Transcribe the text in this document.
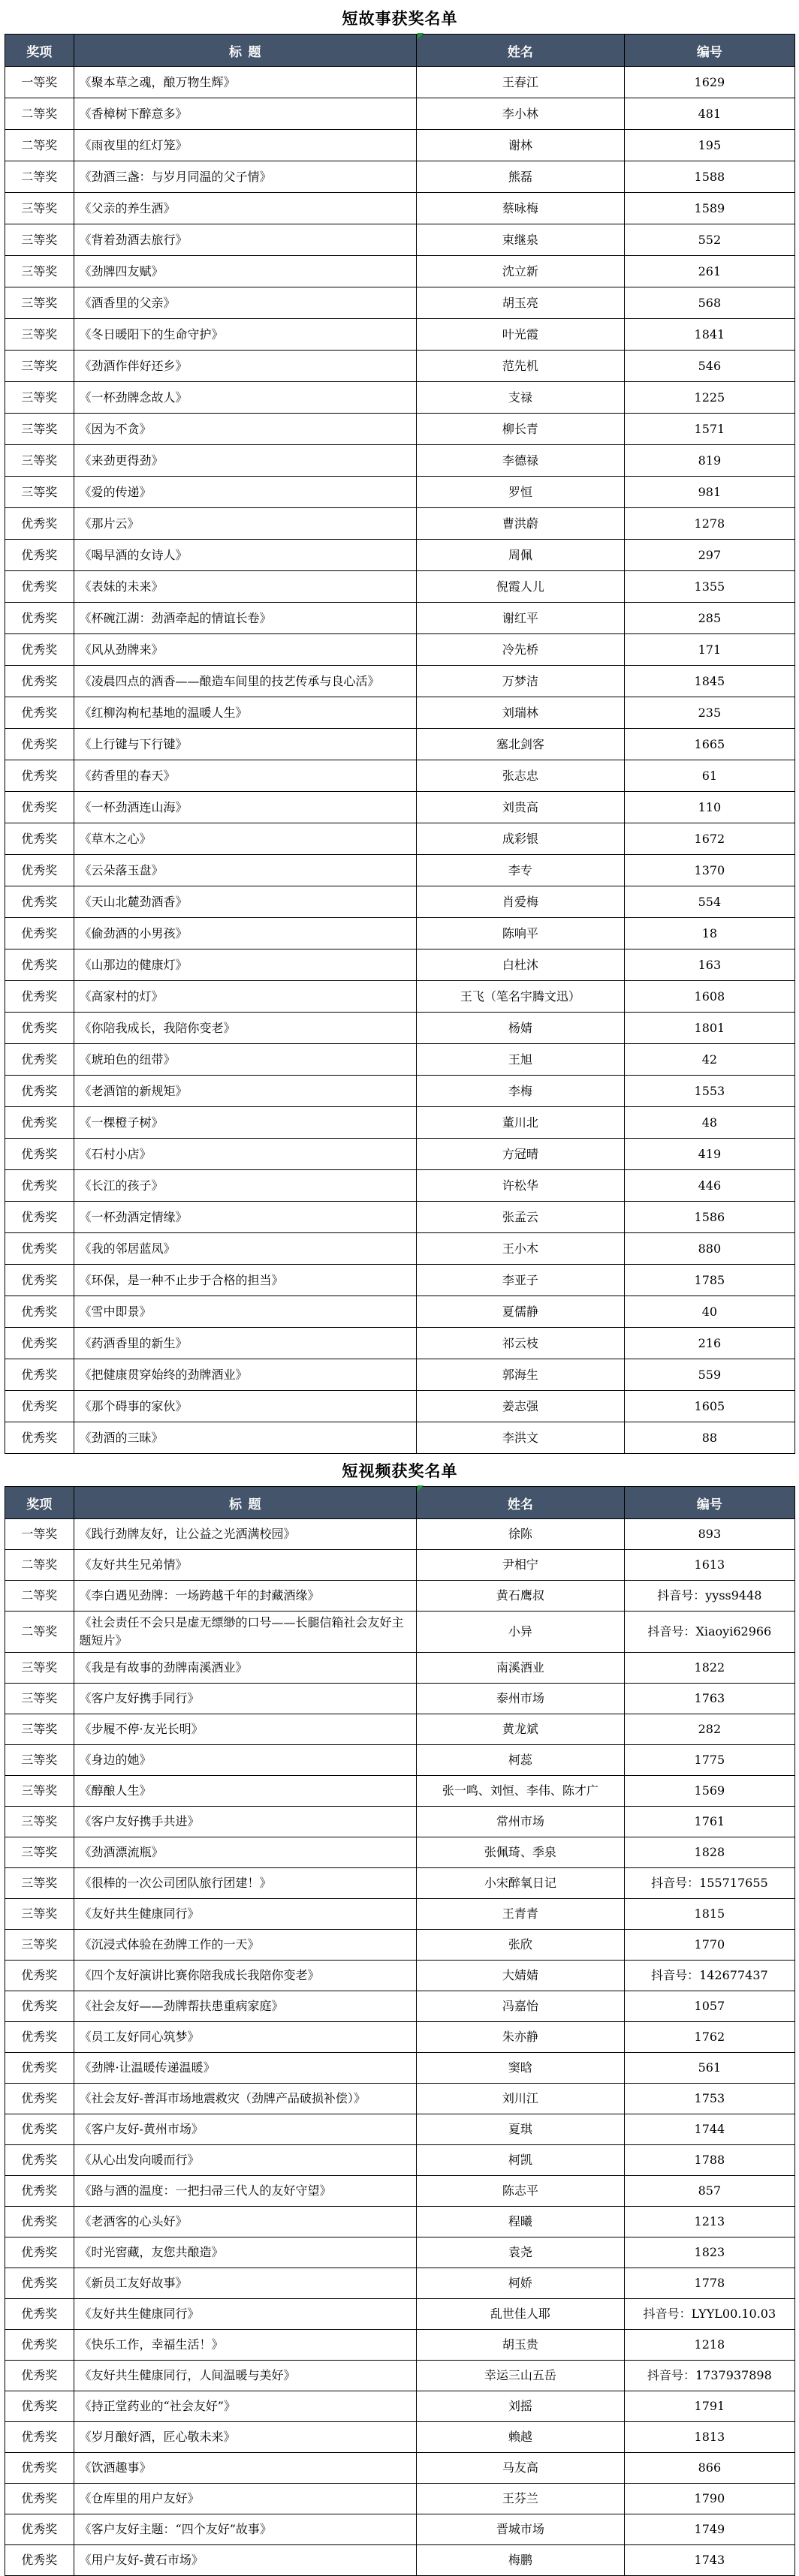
短故事获奖名单
奖项	标 题	姓名	编号
一等奖	《聚本草之魂，酿万物生辉》	王春江	1629
二等奖	《香樟树下醉意多》	李小林	481
二等奖	《雨夜里的红灯笼》	谢林	195
二等奖	《劲酒三盏：与岁月同温的父子情》	熊磊	1588
三等奖	《父亲的养生酒》	蔡咏梅	1589
三等奖	《背着劲酒去旅行》	束继泉	552
三等奖	《劲牌四友赋》	沈立新	261
三等奖	《酒香里的父亲》	胡玉亮	568
三等奖	《冬日暖阳下的生命守护》	叶光霞	1841
三等奖	《劲酒作伴好还乡》	范先机	546
三等奖	《一杯劲牌念故人》	支禄	1225
三等奖	《因为不贪》	柳长青	1571
三等奖	《来劲更得劲》	李德禄	819
三等奖	《爱的传递》	罗恒	981
优秀奖	《那片云》	曹洪蔚	1278
优秀奖	《喝早酒的女诗人》	周佩	297
优秀奖	《表妹的未来》	倪霞人儿	1355
优秀奖	《杯碗江湖：劲酒牵起的情谊长卷》	谢红平	285
优秀奖	《风从劲牌来》	冷先桥	171
优秀奖	《凌晨四点的酒香——酿造车间里的技艺传承与良心活》	万梦洁	1845
优秀奖	《红柳沟枸杞基地的温暖人生》	刘瑞林	235
优秀奖	《上行键与下行键》	塞北剑客	1665
优秀奖	《药香里的春天》	张志忠	61
优秀奖	《一杯劲酒连山海》	刘贵高	110
优秀奖	《草木之心》	成彩银	1672
优秀奖	《云朵落玉盘》	李专	1370
优秀奖	《天山北麓劲酒香》	肖爱梅	554
优秀奖	《偷劲酒的小男孩》	陈响平	18
优秀奖	《山那边的健康灯》	白杜沐	163
优秀奖	《高家村的灯》	王飞（笔名宇腾文迅）	1608
优秀奖	《你陪我成长，我陪你变老》	杨婧	1801
优秀奖	《琥珀色的纽带》	王旭	42
优秀奖	《老酒馆的新规矩》	李梅	1553
优秀奖	《一棵橙子树》	董川北	48
优秀奖	《石村小店》	方冠晴	419
优秀奖	《长江的孩子》	许松华	446
优秀奖	《一杯劲酒定情缘》	张孟云	1586
优秀奖	《我的邻居蓝凤》	王小木	880
优秀奖	《环保，是一种不止步于合格的担当》	李亚子	1785
优秀奖	《雪中即景》	夏儒静	40
优秀奖	《药酒香里的新生》	祁云枝	216
优秀奖	《把健康贯穿始终的劲牌酒业》	郭海生	559
优秀奖	《那个碍事的家伙》	姜志强	1605
优秀奖	《劲酒的三昧》	李洪文	88
短视频获奖名单
奖项	标 题	姓名	编号
一等奖	《践行劲牌友好，让公益之光洒满校园》	徐陈	893
二等奖	《友好共生兄弟情》	尹相宁	1613
二等奖	《李白遇见劲牌：一场跨越千年的封藏酒缘》	黄石鹰叔	抖音号：yyss9448
二等奖	《社会责任不会只是虚无缥缈的口号——长腿信箱社会友好主题短片》	小异	抖音号：Xiaoyi62966
三等奖	《我是有故事的劲牌南溪酒业》	南溪酒业	1822
三等奖	《客户友好携手同行》	泰州市场	1763
三等奖	《步履不停·友光长明》	黄龙斌	282
三等奖	《身边的她》	柯蕊	1775
三等奖	《醇酿人生》	张一鸣、刘恒、李伟、陈才广	1569
三等奖	《客户友好携手共进》	常州市场	1761
三等奖	《劲酒漂流瓶》	张佩琦、季泉	1828
三等奖	《很棒的一次公司团队旅行团建！》	小宋醉氧日记	抖音号：155717655
三等奖	《友好共生健康同行》	王青青	1815
三等奖	《沉浸式体验在劲牌工作的一天》	张欣	1770
优秀奖	《四个友好演讲比赛你陪我成长我陪你变老》	大婧婧	抖音号：142677437
优秀奖	《社会友好——劲牌帮扶患重病家庭》	冯嘉怡	1057
优秀奖	《员工友好同心筑梦》	朱亦静	1762
优秀奖	《劲牌·让温暖传递温暖》	窦晗	561
优秀奖	《社会友好-普洱市场地震救灾（劲牌产品破损补偿）》	刘川江	1753
优秀奖	《客户友好-黄州市场》	夏琪	1744
优秀奖	《从心出发向暖而行》	柯凯	1788
优秀奖	《路与酒的温度：一把扫帚三代人的友好守望》	陈志平	857
优秀奖	《老酒客的心头好》	程曦	1213
优秀奖	《时光窖藏，友您共酿造》	袁尧	1823
优秀奖	《新员工友好故事》	柯娇	1778
优秀奖	《友好共生健康同行》	乱世佳人耶	抖音号：LYYL00.10.03
优秀奖	《快乐工作，幸福生活！》	胡玉贵	1218
优秀奖	《友好共生健康同行，人间温暖与美好》	幸运三山五岳	抖音号：1737937898
优秀奖	《持正堂药业的“社会友好”》	刘摇	1791
优秀奖	《岁月酿好酒，匠心敬未来》	赖越	1813
优秀奖	《饮酒趣事》	马友高	866
优秀奖	《仓库里的用户友好》	王芬兰	1790
优秀奖	《客户友好主题：“四个友好”故事》	晋城市场	1749
优秀奖	《用户友好-黄石市场》	梅鹏	1743
